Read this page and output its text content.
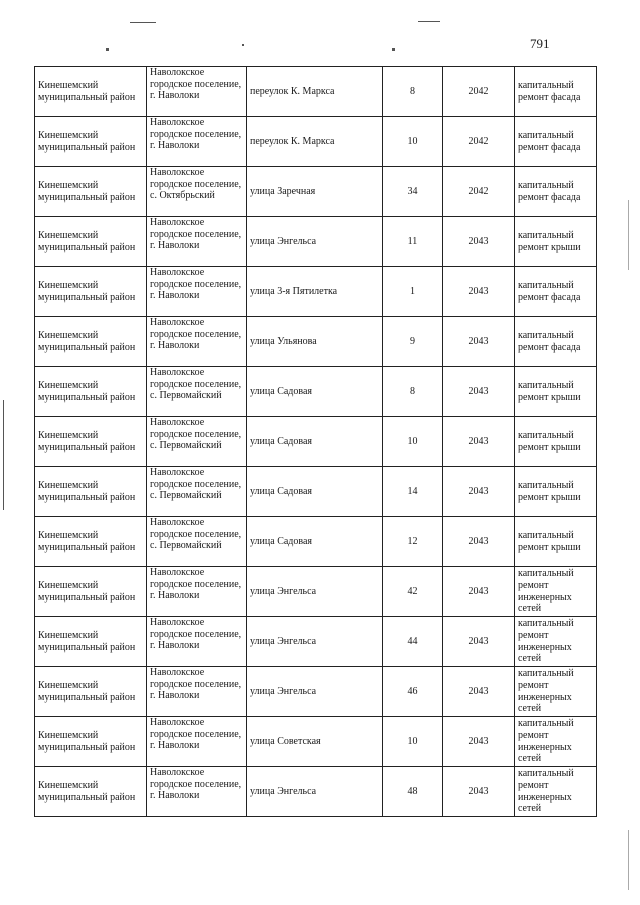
791
Кинешемский муниципальный район	Наволокское городское поселение, г. Наволоки	переулок К. Маркса	8	2042	капитальный ремонт фасада

Кинешемский муниципальный район	Наволокское городское поселение, г. Наволоки	переулок К. Маркса	10	2042	капитальный ремонт фасада

Кинешемский муниципальный район	Наволокское городское поселение, с. Октябрьский	улица Заречная	34	2042	капитальный ремонт фасада

Кинешемский муниципальный район	Наволокское городское поселение, г. Наволоки	улица Энгельса	11	2043	капитальный ремонт крыши

Кинешемский муниципальный район	Наволокское городское поселение, г. Наволоки	улица 3-я Пятилетка	1	2043	капитальный ремонт фасада

Кинешемский муниципальный район	Наволокское городское поселение, г. Наволоки	улица Ульянова	9	2043	капитальный ремонт фасада

Кинешемский муниципальный район	Наволокское городское поселение, с. Первомайский	улица Садовая	8	2043	капитальный ремонт крыши

Кинешемский муниципальный район	Наволокское городское поселение, с. Первомайский	улица Садовая	10	2043	капитальный ремонт крыши

Кинешемский муниципальный район	Наволокское городское поселение, с. Первомайский	улица Садовая	14	2043	капитальный ремонт крыши

Кинешемский муниципальный район	Наволокское городское поселение, с. Первомайский	улица Садовая	12	2043	капитальный ремонт крыши

Кинешемский муниципальный район	Наволокское городское поселение, г. Наволоки	улица Энгельса	42	2043	капитальный ремонт инженерных сетей

Кинешемский муниципальный район	Наволокское городское поселение, г. Наволоки	улица Энгельса	44	2043	капитальный ремонт инженерных сетей

Кинешемский муниципальный район	Наволокское городское поселение, г. Наволоки	улица Энгельса	46	2043	капитальный ремонт инженерных сетей

Кинешемский муниципальный район	Наволокское городское поселение, г. Наволоки	улица Советская	10	2043	капитальный ремонт инженерных сетей

Кинешемский муниципальный район	Наволокское городское поселение, г. Наволоки	улица Энгельса	48	2043	капитальный ремонт инженерных сетей
